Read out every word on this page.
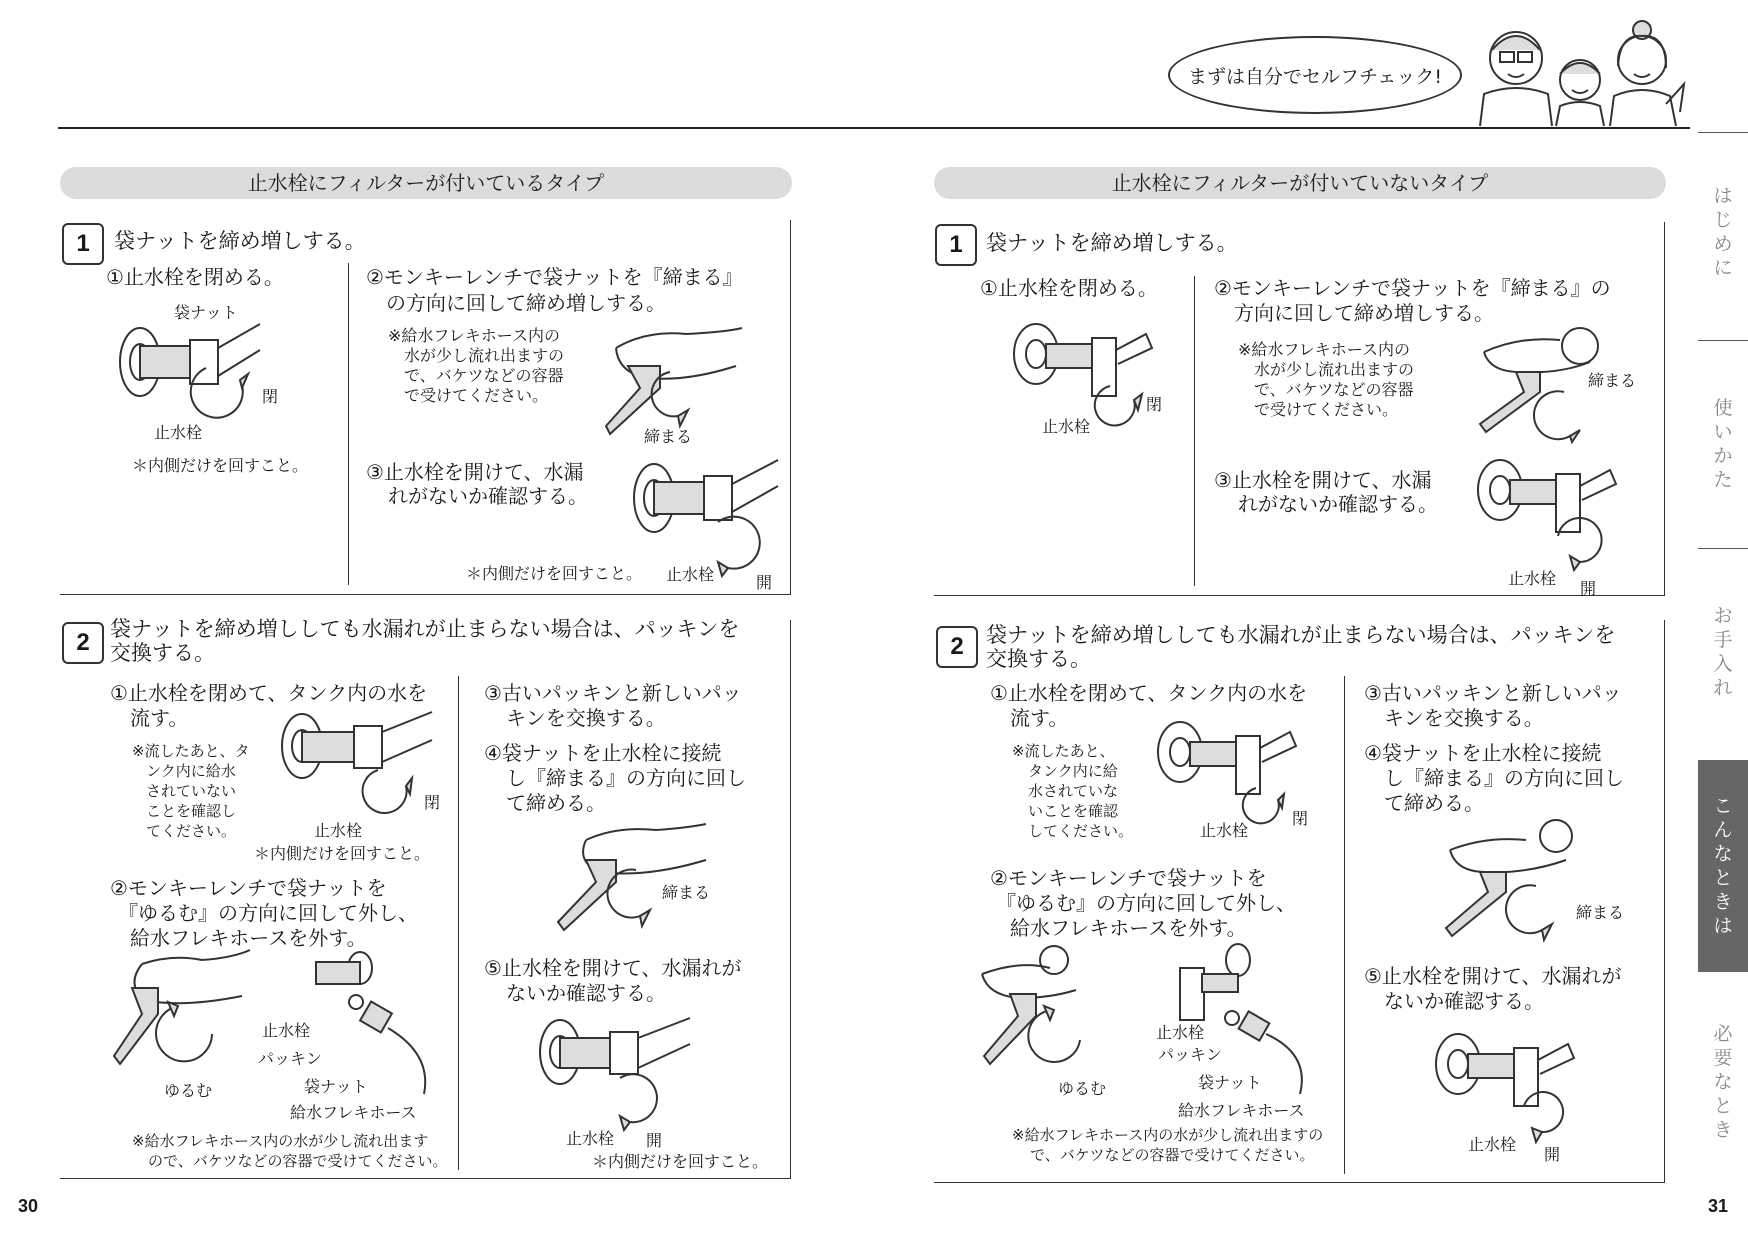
まずは自分でセルフチェック!
止水栓にフィルターが付いているタイプ
1	袋ナットを締め増しする。
①止水栓を閉める。
袋ナット
止水栓
閉
＊内側だけを回すこと。
②モンキーレンチで袋ナットを『締まる』
の方向に回して締め増しする。
※給水フレキホース内の
水が少し流れ出ますの
で、バケツなどの容器
で受けてください。
締まる
③止水栓を開けて、水漏
れがないか確認する。
＊内側だけを回すこと。 止水栓	開
2 袋ナットを締め増ししても水漏れが止まらない場合は、パッキンを
交換する。
①止水栓を閉めて、タンク内の水を
流す。
※流したあと、タ
ンク内に給水
されていない
ことを確認し
てください。	止水栓
閉
＊内側だけを回すこと。
②モンキーレンチで袋ナットを
『ゆるむ』の方向に回して外し、
給水フレキホースを外す。
ゆるむ
止水栓
パッキン
袋ナット
給水フレキホース
※給水フレキホース内の水が少し流れ出ます
ので、バケツなどの容器で受けてください。
③古いパッキンと新しいパッ
キンを交換する。
④袋ナットを止水栓に接続
し『締まる』の方向に回し
て締める。
締まる
⑤止水栓を開けて、水漏れが
ないか確認する。
止水栓 開
＊内側だけを回すこと。
止水栓にフィルターが付いていないタイプ
1	袋ナットを締め増しする。
①止水栓を閉める。
止水栓
閉
②モンキーレンチで袋ナットを『締まる』の
方向に回して締め増しする。
※給水フレキホース内の
水が少し流れ出ますの
で、バケツなどの容器
で受けてください。
締まる
③止水栓を開けて、水漏
れがないか確認する。
止水栓
開
2	袋ナットを締め増ししても水漏れが止まらない場合は、パッキンを
交換する。
①止水栓を閉めて、タンク内の水を
流す。
※流したあと、
タンク内に給
水されていな
いことを確認
してください。	止水栓
閉
②モンキーレンチで袋ナットを
『ゆるむ』の方向に回して外し、
給水フレキホースを外す。
ゆるむ
止水栓
パッキン
袋ナット
給水フレキホース
※給水フレキホース内の水が少し流れ出ますの
で、バケツなどの容器で受けてください。
③古いパッキンと新しいパッ
キンを交換する。
④袋ナットを止水栓に接続
し『締まる』の方向に回し
て締める。
締まる
⑤止水栓を開けて、水漏れが
ないか確認する。
止水栓
開
は
じ
め
に
使
い
か
た
お
手
入
れ
こ
ん
な
と
き
は
必
要
な
と
き
30	31
